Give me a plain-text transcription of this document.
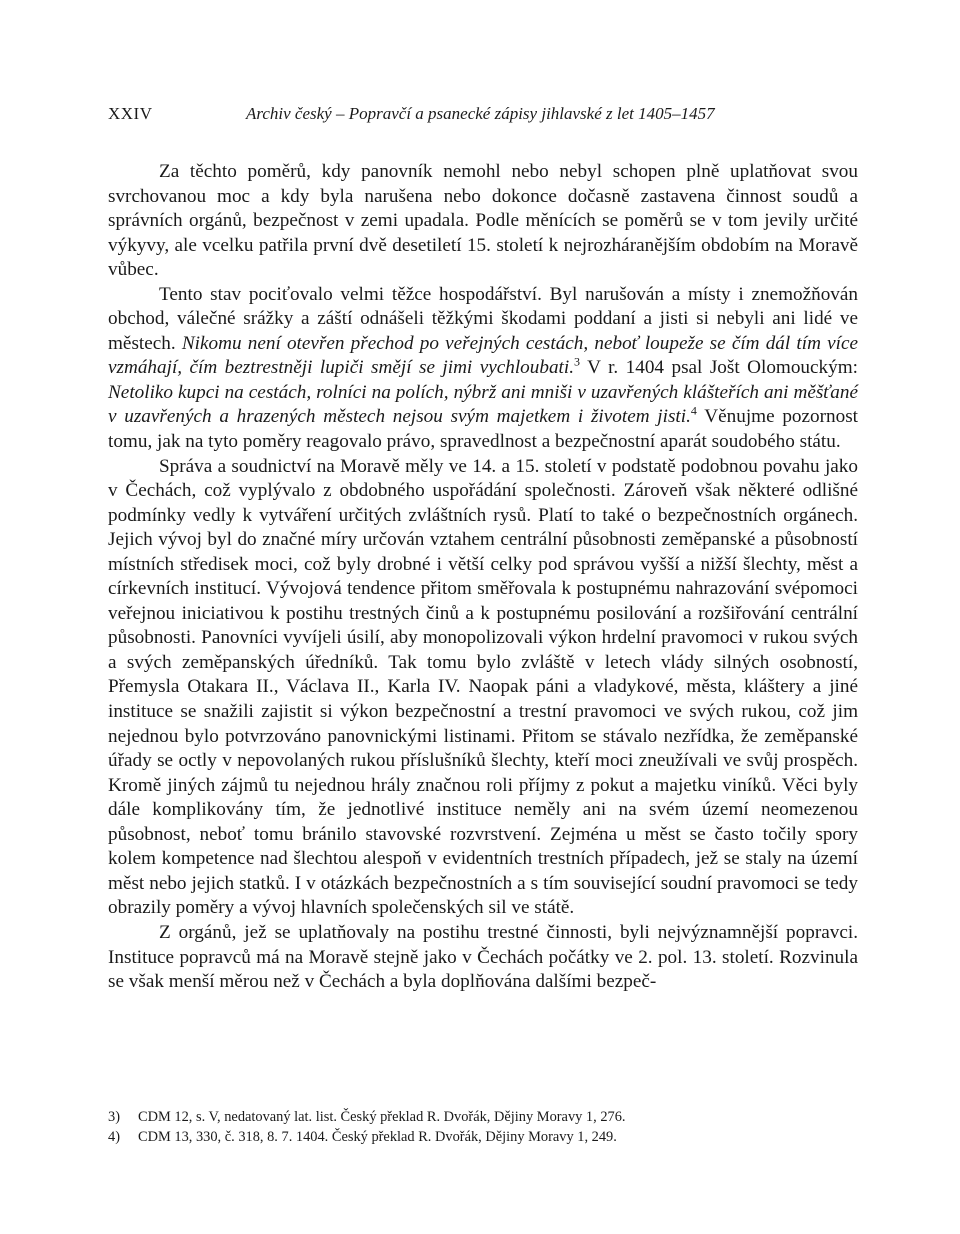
XXIV	Archiv český – Popravčí a psanecké zápisy jihlavské z let 1405–1457

Za těchto poměrů, kdy panovník nemohl nebo nebyl schopen plně uplatňovat svou svrchovanou moc a kdy byla narušena nebo dokonce dočasně zastavena činnost soudů a správních orgánů, bezpečnost v zemi upadala. Podle měnících se poměrů se v tom jevily určité výkyvy, ale vcelku patřila první dvě desetiletí 15. století k nejrozháranějším obdobím na Moravě vůbec.

Tento stav pociťovalo velmi těžce hospodářství. Byl narušován a místy i znemožňován obchod, válečné srážky a záští odnášeli těžkými škodami poddaní a jisti si nebyli ani lidé ve městech. Nikomu není otevřen přechod po veřejných cestách, neboť loupeže se čím dál tím více vzmáhají, čím beztrestněji lupiči smějí se jimi vychloubati.$^3$ V r. 1404 psal Jošt Olomouckým: Netoliko kupci na cestách, rolníci na polích, nýbrž ani mniši v uzavřených klášteřích ani měšťané v uzavřených a hrazených městech nejsou svým majetkem i životem jisti.$^4$ Věnujme pozornost tomu, jak na tyto poměry reagovalo právo, spravedlnost a bezpečnostní aparát soudobého státu.

Správa a soudnictví na Moravě měly ve 14. a 15. století v podstatě podobnou povahu jako v Čechách, což vyplývalo z obdobného uspořádání společnosti. Zároveň však některé odlišné podmínky vedly k vytváření určitých zvláštních rysů. Platí to také o bezpečnostních orgánech. Jejich vývoj byl do značné míry určován vztahem centrální působnosti zeměpanské a působností místních středisek moci, což byly drobné i větší celky pod správou vyšší a nižší šlechty, měst a církevních institucí. Vývojová tendence přitom směřovala k postupnému nahrazování svépomoci veřejnou iniciativou k postihu trestných činů a k postupnému posilování a rozšiřování centrální působnosti. Panovníci vyvíjeli úsilí, aby monopolizovali výkon hrdelní pravomoci v rukou svých a svých zeměpanských úředníků. Tak tomu bylo zvláště v letech vlády silných osobností, Přemysla Otakara II., Václava II., Karla IV. Naopak páni a vladykové, města, kláštery a jiné instituce se snažili zajistit si výkon bezpečnostní a trestní pravomoci ve svých rukou, což jim nejednou bylo potvrzováno panovnickými listinami. Přitom se stávalo nezřídka, že zeměpanské úřady se octly v nepovolaných rukou příslušníků šlechty, kteří moci zneužívali ve svůj prospěch. Kromě jiných zájmů tu nejednou hrály značnou roli příjmy z pokut a majetku viníků. Věci byly dále komplikovány tím, že jednotlivé instituce neměly ani na svém území neomezenou působnost, neboť tomu bránilo stavovské rozvrstvení. Zejména u měst se často točily spory kolem kompetence nad šlechtou alespoň v evidentních trestních případech, jež se staly na území měst nebo jejich statků. I v otázkách bezpečnostních a s tím související soudní pravomoci se tedy obrazily poměry a vývoj hlavních společenských sil ve státě.

Z orgánů, jež se uplatňovaly na postihu trestné činnosti, byli nejvýznamnější popravci. Instituce popravců má na Moravě stejně jako v Čechách počátky ve 2. pol. 13. století. Rozvinula se však menší měrou než v Čechách a byla doplňována dalšími bezpeč-

3)	CDM 12, s. V, nedatovaný lat. list. Český překlad R. Dvořák, Dějiny Moravy 1, 276.
4)	CDM 13, 330, č. 318, 8. 7. 1404. Český překlad R. Dvořák, Dějiny Moravy 1, 249.
